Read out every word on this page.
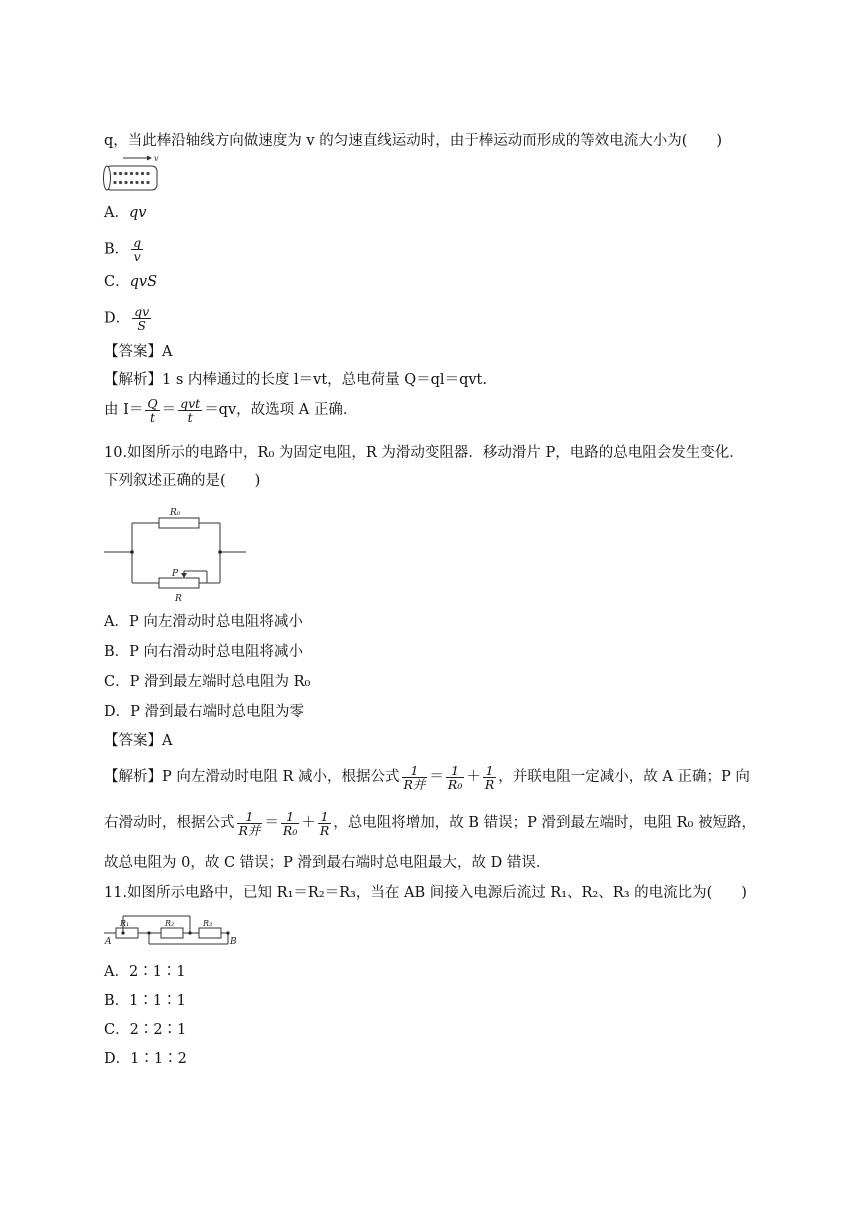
q，当此棒沿轴线方向做速度为 v 的匀速直线运动时，由于棒运动而形成的等效电流大小为(　　)
v
A．qv
B． $\frac{q}{v}$
C．qvS
D． $\frac{qv}{S}$
【答案】A
【解析】1 s 内棒通过的长度 l＝vt，总电荷量 Q＝ql＝qvt.
由 $I= \frac{Q}{t} = \frac{\text{qvt}}{t} =qv$，故选项 A 正确．
10.如图所示的电路中，R₀ 为固定电阻，R 为滑动变阻器．移动滑片 P，电路的总电阻会发生变化．
下列叙述正确的是(　　)
R₀
P
R
A．P 向左滑动时总电阻将减小
B．P 向右滑动时总电阻将减小
C．P 滑到最左端时总电阻为 R₀
D．P 滑到最右端时总电阻为零
【答案】A
【解析】P 向左滑动时电阻 R 减小，根据公式 $\frac{1}{\text{R并}} = \frac{1}{\text{R₀}} + \frac{1}{R}$ ，并联电阻一定减小，故 A 正确；P 向
右滑动时，根据公式 $\frac{1}{\text{R并}} = \frac{1}{\text{R₀}} + \frac{1}{R}$ ，总电阻将增加，故 B 错误；P 滑到最左端时，电阻 R₀ 被短路，
故总电阻为 0，故 C 错误；P 滑到最右端时总电阻最大，故 D 错误．
11.如图所示电路中，已知 R₁＝R₂＝R₃，当在 AB 间接入电源后流过 R₁、R₂、R₃ 的电流比为(　　)
A	B
R₁	R₂	R₃
A．2∶1∶1
B．1∶1∶1
C．2∶2∶1
D．1∶1∶2
